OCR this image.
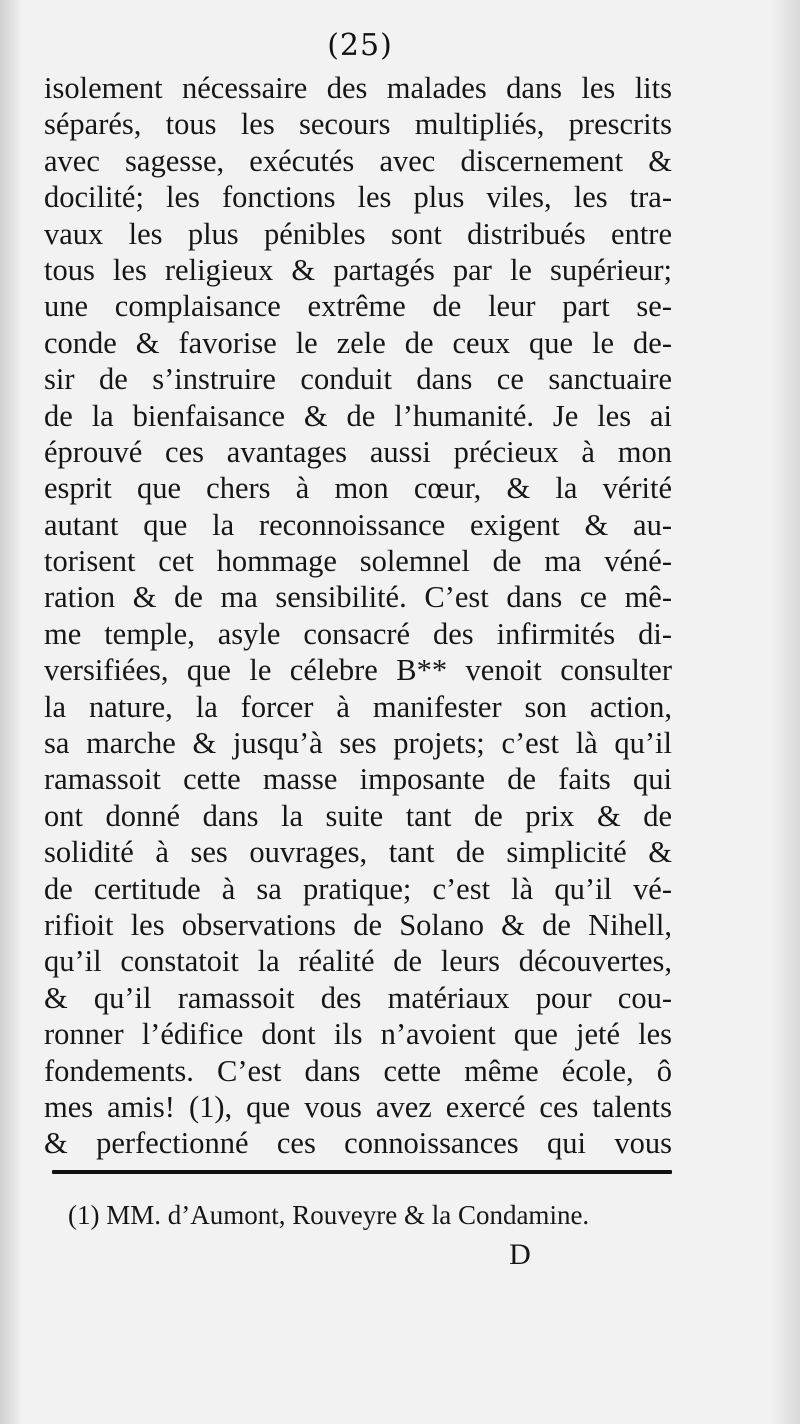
(25)
isolement nécessaire des malades dans les lits
séparés, tous les secours multipliés, prescrits
avec sagesse, exécutés avec discernement &
docilité; les fonctions les plus viles, les tra-
vaux les plus pénibles sont distribués entre
tous les religieux & partagés par le supérieur;
une complaisance extrême de leur part se-
conde & favorise le zele de ceux que le de-
sir de s’instruire conduit dans ce sanctuaire
de la bienfaisance & de l’humanité. Je les ai
éprouvé ces avantages aussi précieux à mon
esprit que chers à mon cœur, & la vérité
autant que la reconnoissance exigent & au-
torisent cet hommage solemnel de ma véné-
ration & de ma sensibilité. C’est dans ce mê-
me temple, asyle consacré des infirmités di-
versifiées, que le célebre B** venoit consulter
la nature, la forcer à manifester son action,
sa marche & jusqu’à ses projets; c’est là qu’il
ramassoit cette masse imposante de faits qui
ont donné dans la suite tant de prix & de
solidité à ses ouvrages, tant de simplicité &
de certitude à sa pratique; c’est là qu’il vé-
rifioit les observations de Solano & de Nihell,
qu’il constatoit la réalité de leurs découvertes,
& qu’il ramassoit des matériaux pour cou-
ronner l’édifice dont ils n’avoient que jeté les
fondements. C’est dans cette même école, ô
mes amis! (1), que vous avez exercé ces talents
& perfectionné ces connoissances qui vous
(1) MM. d’Aumont, Rouveyre & la Condamine.
D
